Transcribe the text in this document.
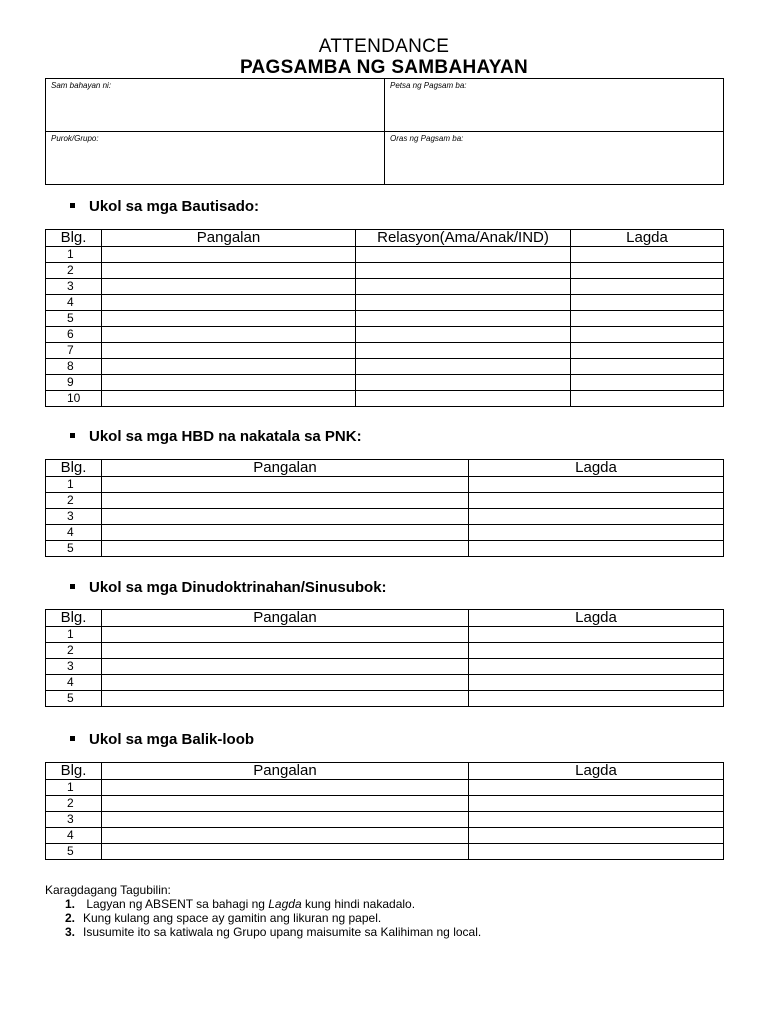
ATTENDANCE
PAGSAMBA NG SAMBAHAYAN
Sam bahayan ni:	Petsa ng Pagsam ba:
Purok/Grupo:	Oras ng Pagsam ba:
Ukol sa mga Bautisado:
Blg.	Pangalan	Relasyon(Ama/Anak/IND)	Lagda
1			
2			
3			
4			
5			
6			
7			
8			
9			
10			
Ukol sa mga HBD na nakatala sa PNK:
Blg.	Pangalan	Lagda
1		
2		
3		
4		
5		
Ukol sa mga Dinudoktrinahan/Sinusubok:
Blg.	Pangalan	Lagda
1		
2		
3		
4		
5		
Ukol sa mga Balik-loob
Blg.	Pangalan	Lagda
1		
2		
3		
4		
5		
Karagdagang Tagubilin:
1. Lagyan ng ABSENT sa bahagi ng Lagda kung hindi nakadalo.
2. Kung kulang ang space ay gamitin ang likuran ng papel.
3. Isusumite ito sa katiwala ng Grupo upang maisumite sa Kalihiman ng local.
